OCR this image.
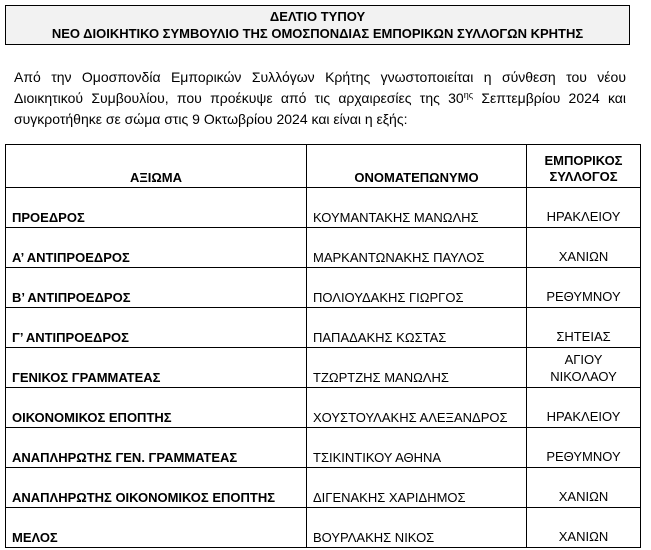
ΔΕΛΤΙΟ ΤΥΠΟΥ
ΝΕΟ ΔΙΟΙΚΗΤΙΚΟ ΣΥΜΒΟΥΛΙΟ ΤΗΣ ΟΜΟΣΠΟΝΔΙΑΣ ΕΜΠΟΡΙΚΩΝ ΣΥΛΛΟΓΩΝ ΚΡΗΤΗΣ
Από την Ομοσπονδία Εμπορικών Συλλόγων Κρήτης γνωστοποιείται η σύνθεση του νέου Διοικητικού Συμβουλίου, που προέκυψε από τις αρχαιρεσίες της $30^{\eta\varsigma}$ Σεπτεμβρίου 2024 και συγκροτήθηκε σε σώμα στις 9 Οκτωβρίου 2024 και είναι η εξής:
ΑΞΙΩΜΑ	ΟΝΟΜΑΤΕΠΩΝΥΜΟ	ΕΜΠΟΡΙΚΟΣ
ΣΥΛΛΟΓΟΣ
ΠΡΟΕΔΡΟΣ	ΚΟΥΜΑΝΤΑΚΗΣ ΜΑΝΩΛΗΣ	ΗΡΑΚΛΕΙΟΥ
Α’ ΑΝΤΙΠΡΟΕΔΡΟΣ	ΜΑΡΚΑΝΤΩΝΑΚΗΣ ΠΑΥΛΟΣ	ΧΑΝΙΩΝ
Β’ ΑΝΤΙΠΡΟΕΔΡΟΣ	ΠΟΛΙΟΥΔΑΚΗΣ ΓΙΩΡΓΟΣ	ΡΕΘΥΜΝΟΥ
Γ’ ΑΝΤΙΠΡΟΕΔΡΟΣ	ΠΑΠΑΔΑΚΗΣ ΚΩΣΤΑΣ	ΣΗΤΕΙΑΣ
ΓΕΝΙΚΟΣ ΓΡΑΜΜΑΤΕΑΣ	ΤΖΩΡΤΖΗΣ ΜΑΝΩΛΗΣ	ΑΓΙΟΥ
ΝΙΚΟΛΑΟΥ
ΟΙΚΟΝΟΜΙΚΟΣ ΕΠΟΠΤΗΣ	ΧΟΥΣΤΟΥΛΑΚΗΣ ΑΛΕΞΑΝΔΡΟΣ	ΗΡΑΚΛΕΙΟΥ
ΑΝΑΠΛΗΡΩΤΗΣ ΓΕΝ. ΓΡΑΜΜΑΤΕΑΣ	ΤΣΙΚΙΝΤΙΚΟΥ ΑΘΗΝΑ	ΡΕΘΥΜΝΟΥ
ΑΝΑΠΛΗΡΩΤΗΣ ΟΙΚΟΝΟΜΙΚΟΣ ΕΠΟΠΤΗΣ	ΔΙΓΕΝΑΚΗΣ ΧΑΡΙΔΗΜΟΣ	ΧΑΝΙΩΝ
ΜΕΛΟΣ	ΒΟΥΡΛΑΚΗΣ ΝΙΚΟΣ	ΧΑΝΙΩΝ
